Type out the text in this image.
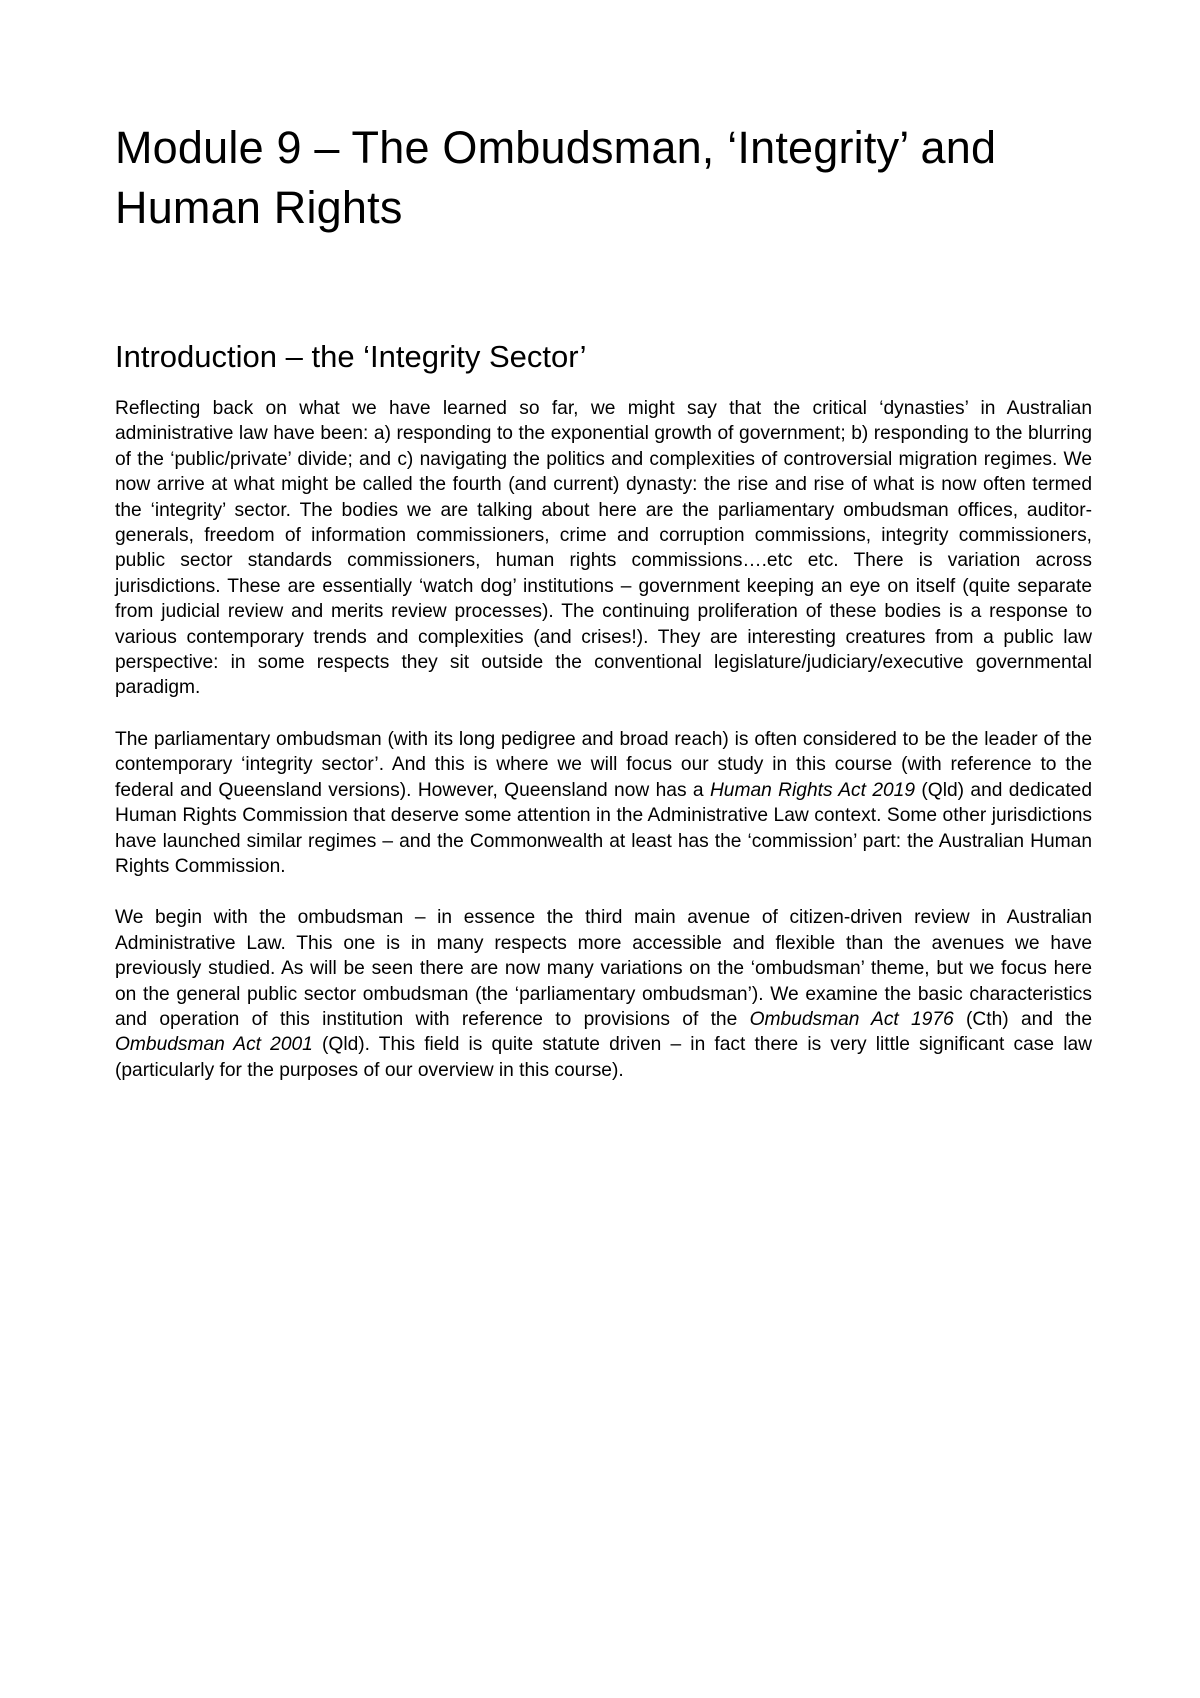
Module 9 – The Ombudsman, ‘Integrity’ and Human Rights
Introduction – the ‘Integrity Sector’

Reflecting back on what we have learned so far, we might say that the critical ‘dynasties’ in Australian administrative law have been: a) responding to the exponential growth of government; b) responding to the blurring of the ‘public/private’ divide; and c) navigating the politics and complexities of controversial migration regimes. We now arrive at what might be called the fourth (and current) dynasty: the rise and rise of what is now often termed the ‘integrity’ sector. The bodies we are talking about here are the parliamentary ombudsman offices, auditor-generals, freedom of information commissioners, crime and corruption commissions, integrity commissioners, public sector standards commissioners, human rights commissions….etc etc. There is variation across jurisdictions. These are essentially ‘watch dog’ institutions – government keeping an eye on itself (quite separate from judicial review and merits review processes). The continuing proliferation of these bodies is a response to various contemporary trends and complexities (and crises!). They are interesting creatures from a public law perspective: in some respects they sit outside the conventional legislature/judiciary/executive governmental paradigm.

The parliamentary ombudsman (with its long pedigree and broad reach) is often considered to be the leader of the contemporary ‘integrity sector’. And this is where we will focus our study in this course (with reference to the federal and Queensland versions). However, Queensland now has a Human Rights Act 2019 (Qld) and dedicated Human Rights Commission that deserve some attention in the Administrative Law context. Some other jurisdictions have launched similar regimes – and the Commonwealth at least has the ‘commission’ part: the Australian Human Rights Commission.

We begin with the ombudsman – in essence the third main avenue of citizen-driven review in Australian Administrative Law. This one is in many respects more accessible and flexible than the avenues we have previously studied. As will be seen there are now many variations on the ‘ombudsman’ theme, but we focus here on the general public sector ombudsman (the ‘parliamentary ombudsman’). We examine the basic characteristics and operation of this institution with reference to provisions of the Ombudsman Act 1976 (Cth) and the Ombudsman Act 2001 (Qld). This field is quite statute driven – in fact there is very little significant case law (particularly for the purposes of our overview in this course).
